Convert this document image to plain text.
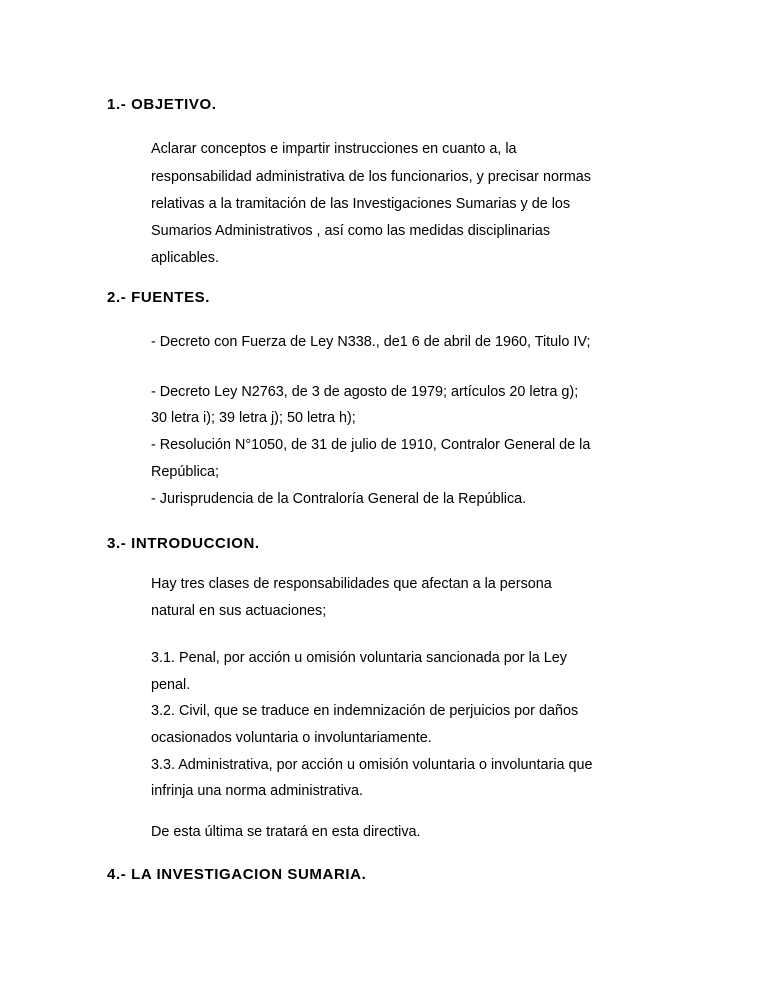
1.- OBJETIVO.

Aclarar conceptos e impartir instrucciones en cuanto a, la

responsabilidad administrativa de los funcionarios, y precisar normas

relativas a la tramitación de las Investigaciones Sumarias y de los

Sumarios Administrativos , así como las medidas disciplinarias

aplicables.

2.- FUENTES.

- Decreto con Fuerza de Ley N338., de1 6 de abril de 1960, Titulo IV;

- Decreto Ley N2763, de 3 de agosto de 1979; artículos 20 letra g);

30 letra i); 39 letra j); 50 letra h);

- Resolución N°1050, de 31 de julio de 1910, Contralor General de la

República;

- Jurisprudencia de la Contraloría General de la República.

3.- INTRODUCCION.

Hay tres clases de responsabilidades que afectan a la persona

natural en sus actuaciones;

3.1. Penal, por acción u omisión voluntaria sancionada por la Ley

penal.

3.2. Civil, que se traduce en indemnización de perjuicios por daños

ocasionados voluntaria o involuntariamente.

3.3. Administrativa, por acción u omisión voluntaria o involuntaria que

infrinja una norma administrativa.

De esta última se tratará en esta directiva.

4.- LA INVESTIGACION SUMARIA.
